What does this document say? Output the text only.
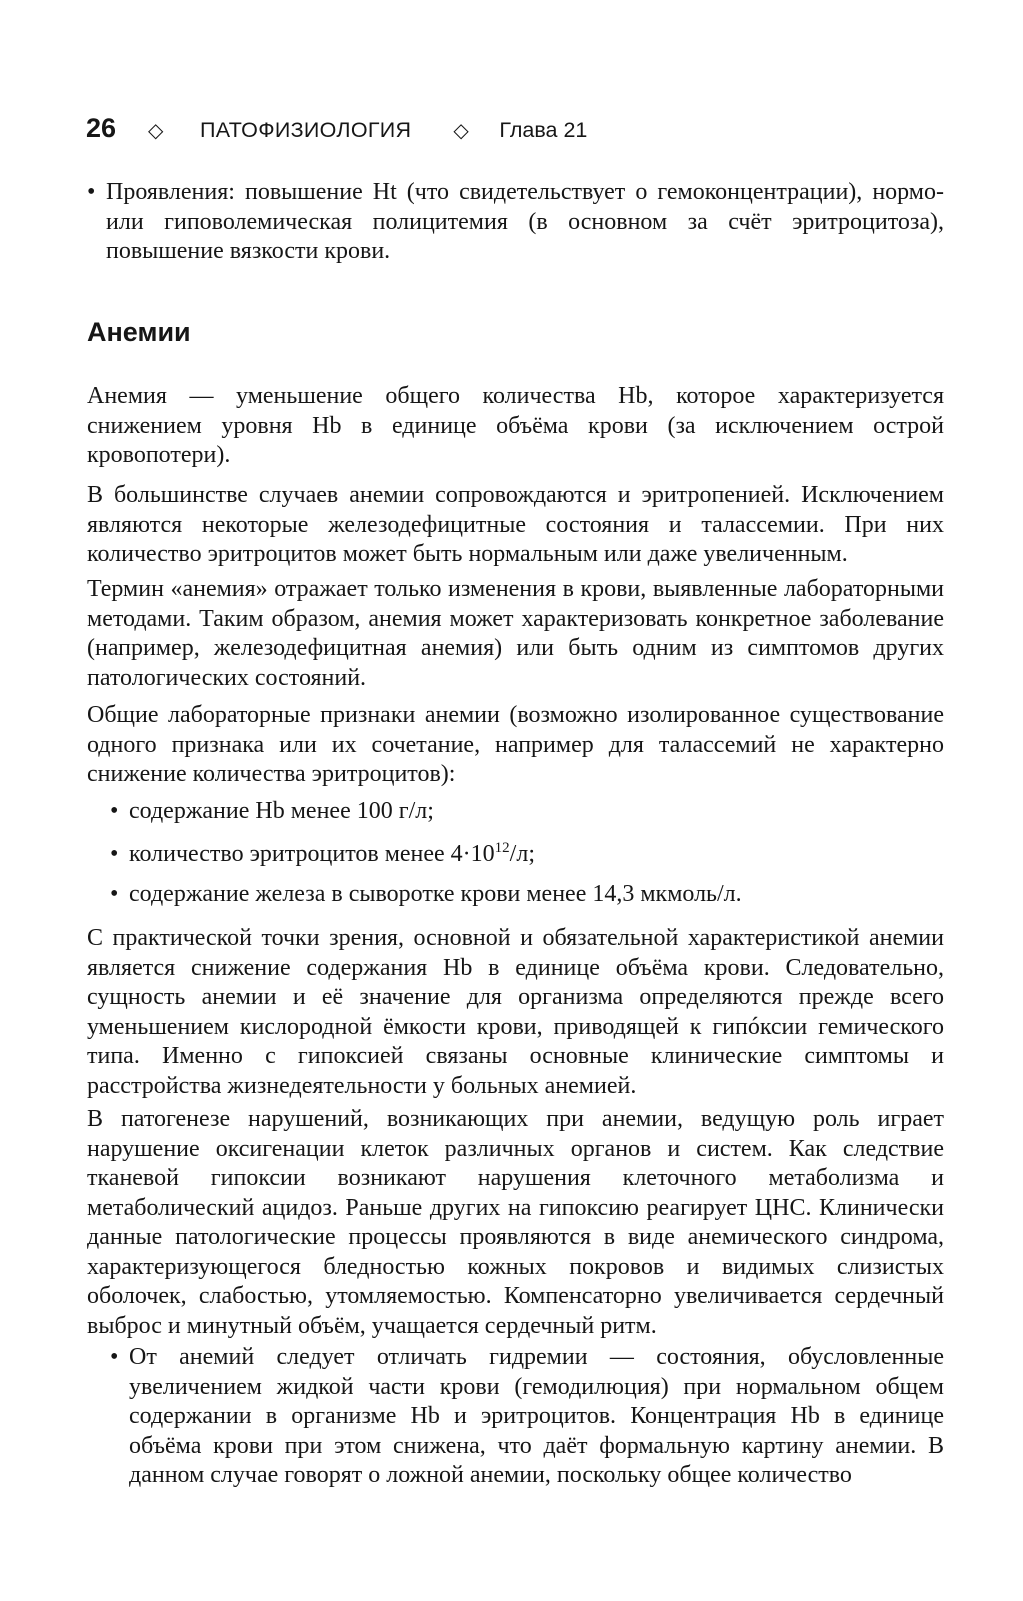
26	◇	ПАТОФИЗИОЛОГИЯ ◇	Глава 21

• Проявления: повышение Ht (что свидетельствует о гемоконцентрации), нормо- или гиповолемическая полицитемия (в основном за счёт эритроцитоза), повышение вязкости крови.

Анемии

Анемия — уменьшение общего количества Hb, которое характеризуется снижением уровня Hb в единице объёма крови (за исключением острой кровопотери).

В большинстве случаев анемии сопровождаются и эритропенией. Исключением являются некоторые железодефицитные состояния и талассемии. При них количество эритроцитов может быть нормальным или даже увеличенным.

Термин «анемия» отражает только изменения в крови, выявленные лабораторными методами. Таким образом, анемия может характеризовать конкретное заболевание (например, железодефицитная анемия) или быть одним из симптомов других патологических состояний.

Общие лабораторные признаки анемии (возможно изолированное существование одного признака или их сочетание, например для талассемий не характерно снижение количества эритроцитов):

• содержание Hb менее 100 г/л;

• количество эритроцитов менее $4\cdot 10^{12}/л$;

• содержание железа в сыворотке крови менее 14,3 мкмоль/л.

С практической точки зрения, основной и обязательной характеристикой анемии является снижение содержания Hb в единице объёма крови. Следовательно, сущность анемии и её значение для организма определяются прежде всего уменьшением кислородной ёмкости крови, приводящей к гипóксии гемического типа. Именно с гипоксией связаны основные клинические симптомы и расстройства жизнедеятельности у больных анемией.

В патогенезе нарушений, возникающих при анемии, ведущую роль играет нарушение оксигенации клеток различных органов и систем. Как следствие тканевой гипоксии возникают нарушения клеточного метаболизма и метаболический ацидоз. Раньше других на гипоксию реагирует ЦНС. Клинически данные патологические процессы проявляются в виде анемического синдрома, характеризующегося бледностью кожных покровов и видимых слизистых оболочек, слабостью, утомляемостью. Компенсаторно увеличивается сердечный выброс и минутный объём, учащается сердечный ритм.

• От анемий следует отличать гидремии — состояния, обусловленные увеличением жидкой части крови (гемодилюция) при нормальном общем содержании в организме Hb и эритроцитов. Концентрация Hb в единице объёма крови при этом снижена, что даёт формальную картину анемии. В данном случае говорят о ложной анемии, поскольку общее количество
